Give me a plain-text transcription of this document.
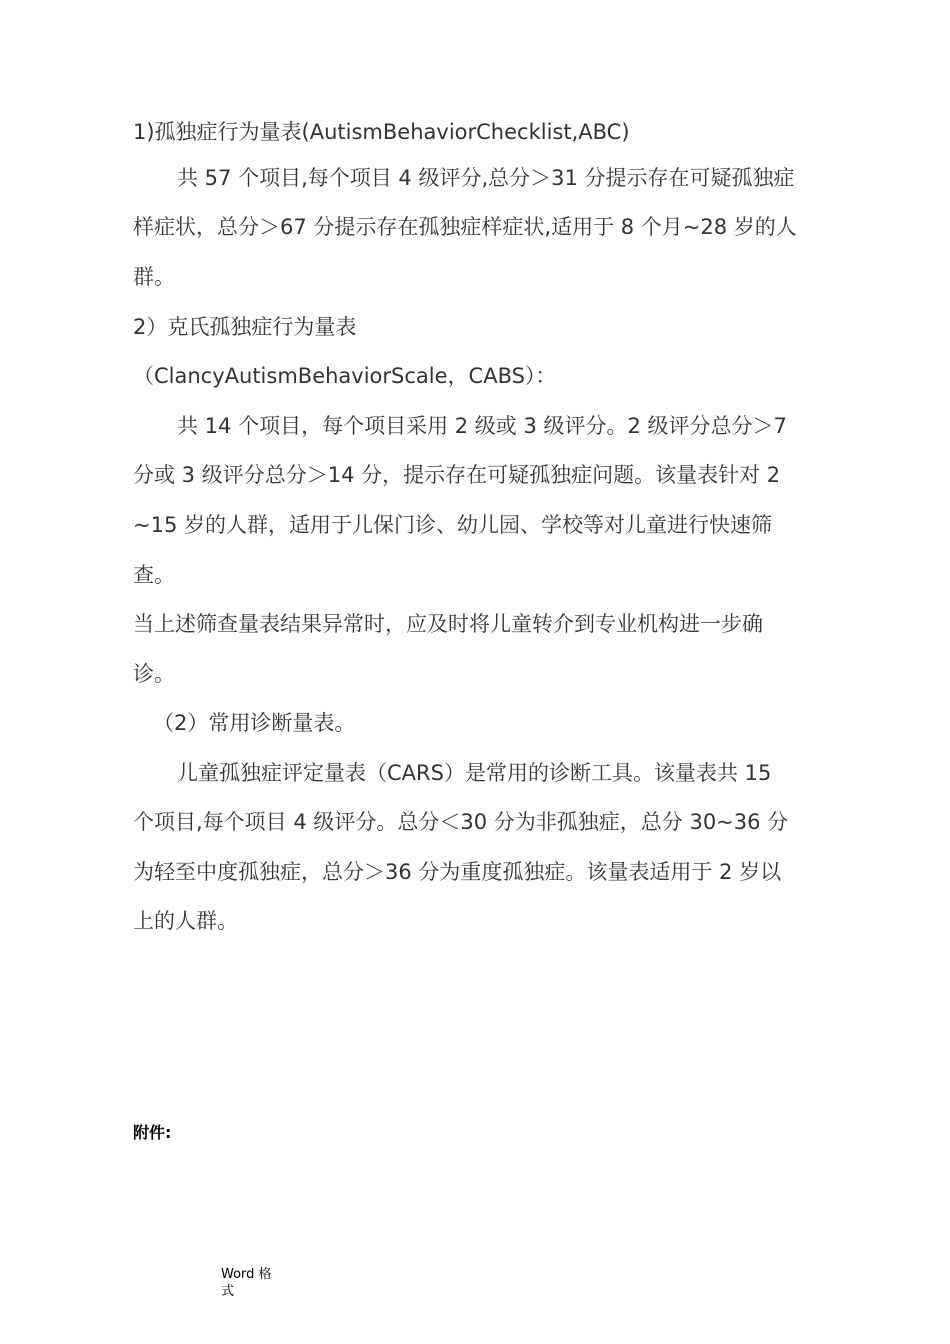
1)孤独症行为量表(AutismBehaviorChecklist,ABC)

共 57 个项目,每个项目 4 级评分,总分＞31 分提示存在可疑孤独症

样症状，总分＞67 分提示存在孤独症样症状,适用于 8 个月~28 岁的人

群。

2）克氏孤独症行为量表

（ClancyAutismBehaviorScale，CABS）：

共 14 个项目，每个项目采用 2 级或 3 级评分。2 级评分总分＞7

分或 3 级评分总分＞14 分，提示存在可疑孤独症问题。该量表针对 2

~15 岁的人群，适用于儿保门诊、幼儿园、学校等对儿童进行快速筛

查。

当上述筛查量表结果异常时，应及时将儿童转介到专业机构进一步确

诊。

（2）常用诊断量表。

儿童孤独症评定量表（CARS）是常用的诊断工具。该量表共 15

个项目,每个项目 4 级评分。总分＜30 分为非孤独症，总分 30~36 分

为轻至中度孤独症，总分＞36 分为重度孤独症。该量表适用于 2 岁以

上的人群。

附件:

Word 格式
